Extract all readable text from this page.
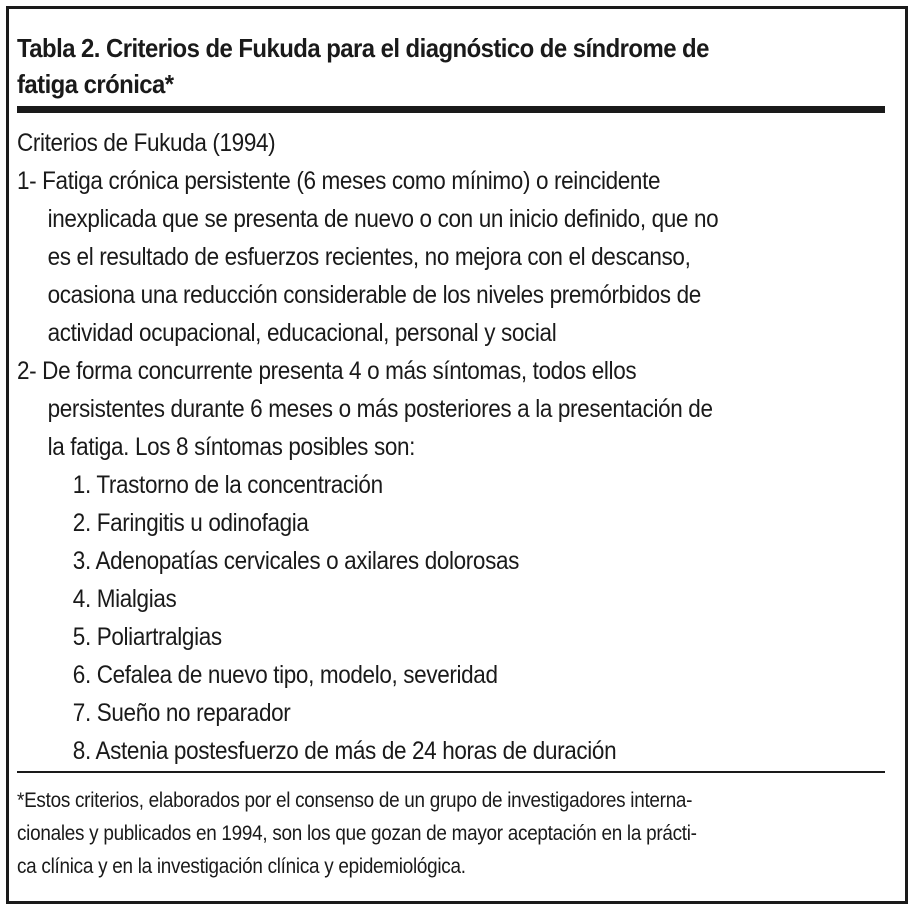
Tabla 2. Criterios de Fukuda para el diagnóstico de síndrome de
fatiga crónica*
Criterios de Fukuda (1994)
1- Fatiga crónica persistente (6 meses como mínimo) o reincidente
inexplicada que se presenta de nuevo o con un inicio definido, que no
es el resultado de esfuerzos recientes, no mejora con el descanso,
ocasiona una reducción considerable de los niveles premórbidos de
actividad ocupacional, educacional, personal y social
2- De forma concurrente presenta 4 o más síntomas, todos ellos
persistentes durante 6 meses o más posteriores a la presentación de
la fatiga. Los 8 síntomas posibles son:
1. Trastorno de la concentración
2. Faringitis u odinofagia
3. Adenopatías cervicales o axilares dolorosas
4. Mialgias
5. Poliartralgias
6. Cefalea de nuevo tipo, modelo, severidad
7. Sueño no reparador
8. Astenia postesfuerzo de más de 24 horas de duración
*Estos criterios, elaborados por el consenso de un grupo de investigadores interna-
cionales y publicados en 1994, son los que gozan de mayor aceptación en la prácti-
ca clínica y en la investigación clínica y epidemiológica.
